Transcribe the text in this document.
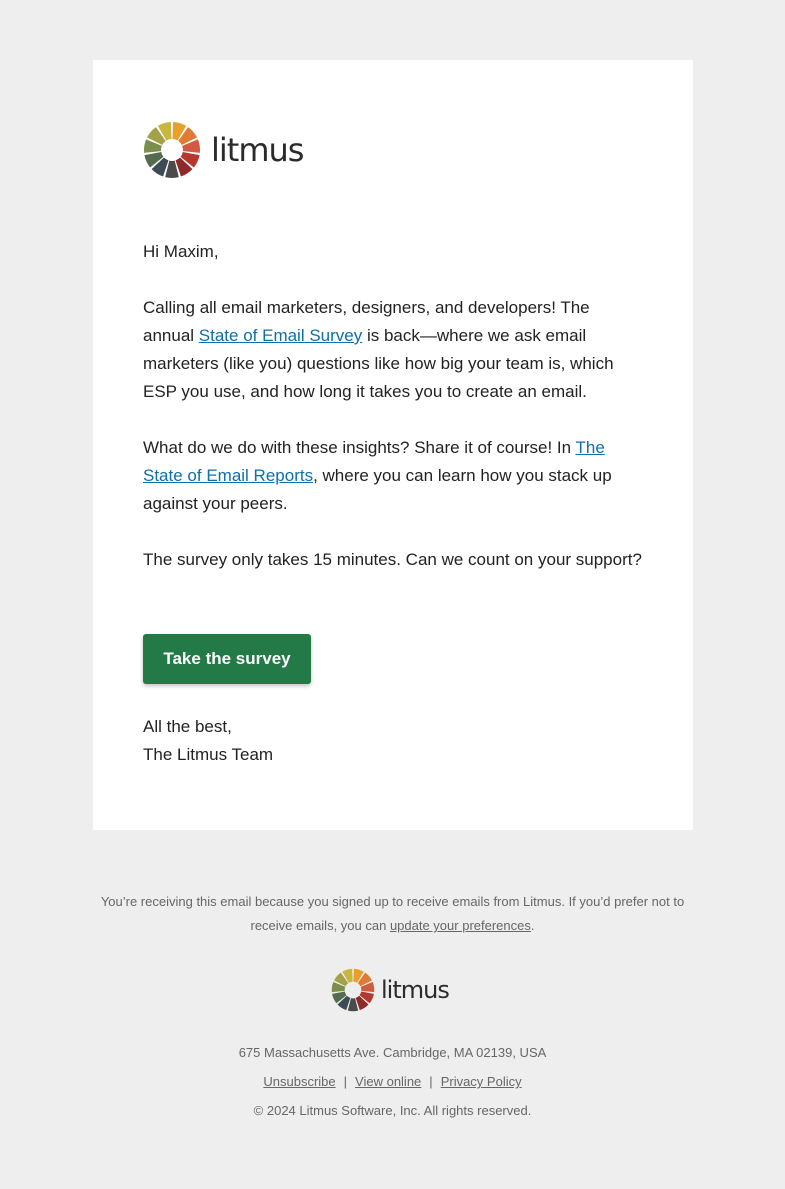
litmus

Hi Maxim,

Calling all email marketers, designers, and developers! The annual State of Email Survey is back—where we ask email marketers (like you) questions like how big your team is, which ESP you use, and how long it takes you to create an email.

What do we do with these insights? Share it of course! In The State of Email Reports, where you can learn how you stack up against your peers.

The survey only takes 15 minutes. Can we count on your support?

Take the survey

All the best,

The Litmus Team

You’re receiving this email because you signed up to receive emails from Litmus. If you’d prefer not to receive emails, you can update your preferences.
litmus
675 Massachusetts Ave. Cambridge, MA 02139, USA
Unsubscribe | View online | Privacy Policy
© 2024 Litmus Software, Inc. All rights reserved.
